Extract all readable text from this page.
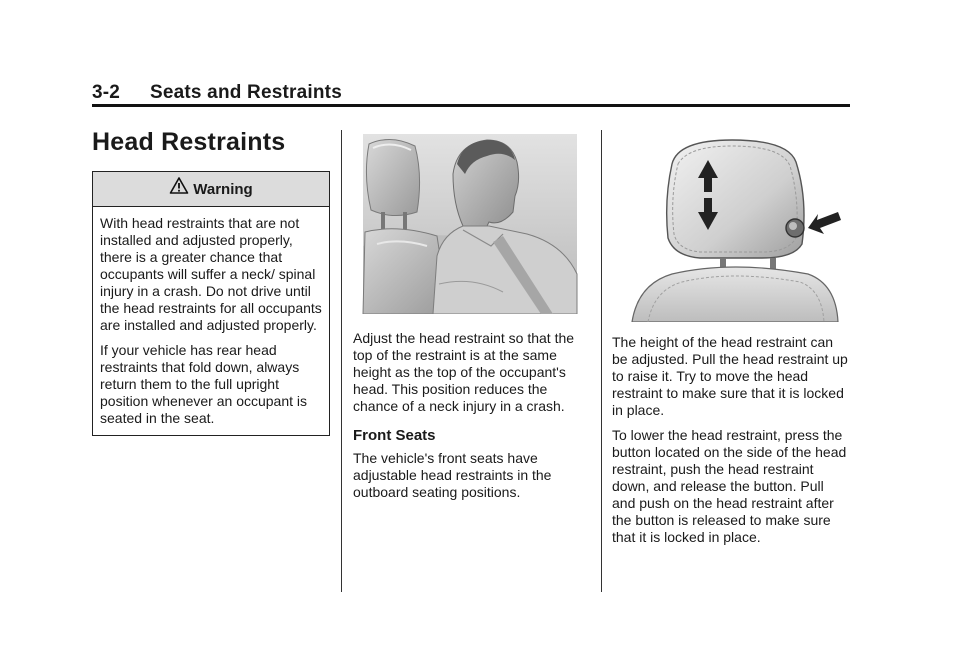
3-2 Seats and Restraints
Head Restraints
Warning

With head restraints that are not installed and adjusted properly, there is a greater chance that occupants will suffer a neck/ spinal injury in a crash. Do not drive until the head restraints for all occupants are installed and adjusted properly.

If your vehicle has rear head restraints that fold down, always return them to the full upright position whenever an occupant is seated in the seat.

Adjust the head restraint so that the top of the restraint is at the same height as the top of the occupant's head. This position reduces the chance of a neck injury in a crash.

Front Seats

The vehicle's front seats have adjustable head restraints in the outboard seating positions.

The height of the head restraint can be adjusted. Pull the head restraint up to raise it. Try to move the head restraint to make sure that it is locked in place.

To lower the head restraint, press the button located on the side of the head restraint, push the head restraint down, and release the button. Pull and push on the head restraint after the button is released to make sure that it is locked in place.
